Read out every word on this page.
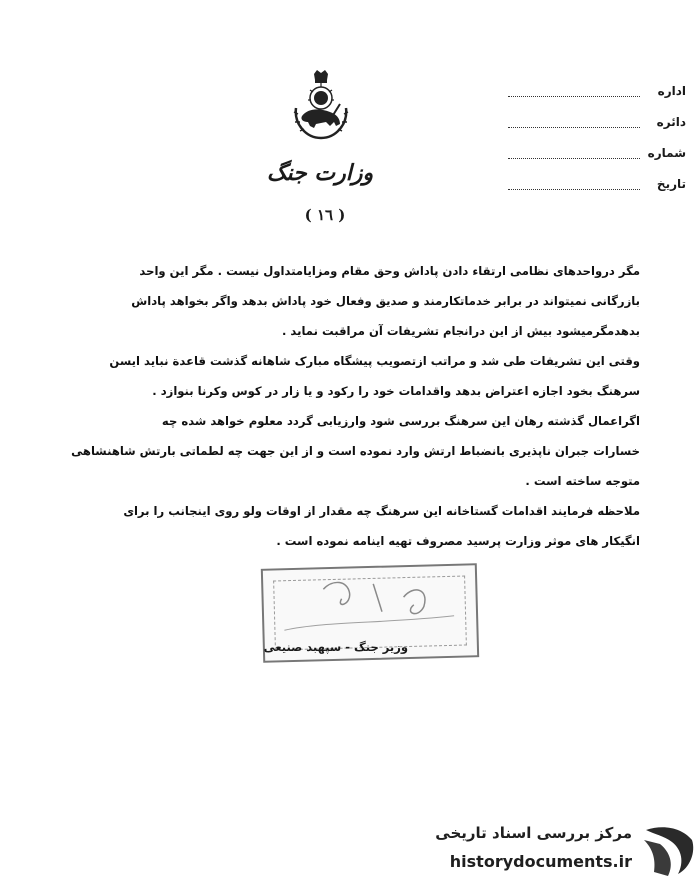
اداره
دائره
شماره
تاریخ
وزارت جنگ
( ١٦ )

مگر درواحدهای نظامی ارتقاء دادن پاداش وحق مقام ومزایامتداول نیست . مگر این واحد

بازرگانی نمیتواند در برابر خدماتکارمند و صدیق وفعال خود پاداش بدهد واگر بخواهد پاداش

بدهدمگرمیشود بیش از این درانجام تشریفات آن مراقبت نماید .

وقتی این تشریفات طی شد و مراتب ازتصویب پیشگاه مبارک شاهانه گذشت قاعدة نباید ایسن

سرهنگ بخود اجازه اعتراض بدهد واقدامات خود را رکود و یا زار در کوس وکرنا بنوازد .

اگراعمال گذشته رهان این سرهنگ بررسی شود وارزیابی گردد معلوم خواهد شده چه

خسارات جبران ناپذیری بانضباط ارتش وارد نموده است و از این جهت چه لطماتی بارتش شاهنشاهی

متوجه ساخته است .

ملاحظه فرمایند اقدامات گستاخانه این سرهنگ چه مقدار از اوقات ولو روی اینجانب را برای

انگیکار های موثر وزارت پرسید مصروف تهیه اینامه نموده است .

وزیر جنگ - سپهبد صنیعی
مرکز بررسی اسناد تاریخی
historydocuments.ir
